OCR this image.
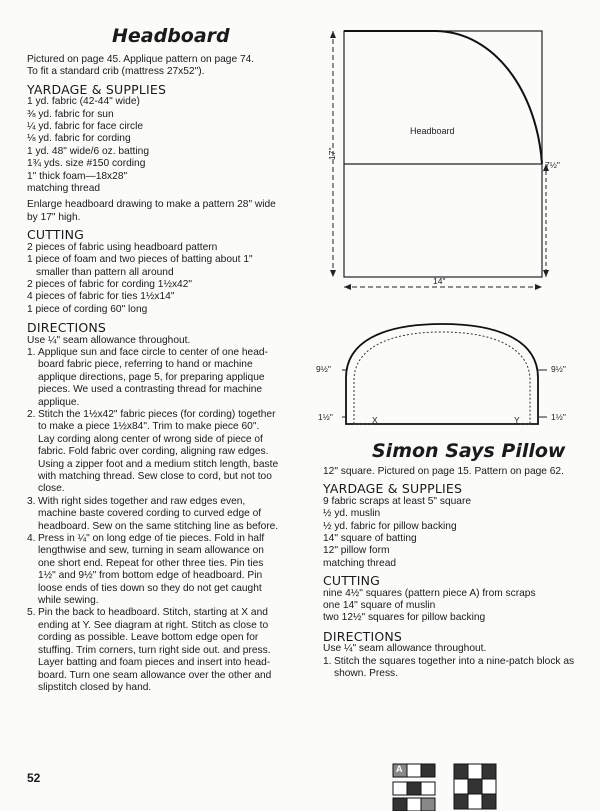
Headboard
Pictured on page 45. Applique pattern on page 74.
To fit a standard crib (mattress 27x52").
YARDAGE & SUPPLIES
1 yd. fabric (42-44" wide)
⅜ yd. fabric for sun
¼ yd. fabric for face circle
⅛ yd. fabric for cording
1 yd. 48" wide/6 oz. batting
1¾ yds. size #150 cording
1" thick foam—18x28"
matching thread
Enlarge headboard drawing to make a pattern 28" wide
by 17" high.
CUTTING
2 pieces of fabric using headboard pattern
1 piece of foam and two pieces of batting about 1"
smaller than pattern all around
2 pieces of fabric for cording 1½x42"
4 pieces of fabric for ties 1½x14"
1 piece of cording 60" long
DIRECTIONS
Use ¼" seam allowance throughout.
1. Applique sun and face circle to center of one head-
board fabric piece, referring to hand or machine
applique directions, page 5, for preparing applique
pieces. We used a contrasting thread for machine
applique.
2. Stitch the 1½x42" fabric pieces (for cording) together
to make a piece 1½x84". Trim to make piece 60".
Lay cording along center of wrong side of piece of
fabric. Fold fabric over cording, aligning raw edges.
Using a zipper foot and a medium stitch length, baste
with matching thread. Sew close to cord, but not too
close.
3. With right sides together and raw edges even,
machine baste covered cording to curved edge of
headboard. Sew on the same stitching line as before.
4. Press in ¼" on long edge of tie pieces. Fold in half
lengthwise and sew, turning in seam allowance on
one short end. Repeat for other three ties. Pin ties
1½" and 9½" from bottom edge of headboard. Pin
loose ends of ties down so they do not get caught
while sewing.
5. Pin the back to headboard. Stitch, starting at X and
ending at Y. See diagram at right. Stitch as close to
cording as possible. Leave bottom edge open for
stuffing. Trim corners, turn right side out. and press.
Layer batting and foam pieces and insert into head-
board. Turn one seam allowance over the other and
slipstitch closed by hand.
Headboard
17"
7½"
14"
9½"	9½"
1½"	1½"
X	Y
Simon Says Pillow
12" square. Pictured on page 15. Pattern on page 62.
YARDAGE & SUPPLIES
9 fabric scraps at least 5" square
½ yd. muslin
½ yd. fabric for pillow backing
14" square of batting
12" pillow form
matching thread
CUTTING
nine 4½" squares (pattern piece A) from scraps
one 14" square of muslin
two 12½" squares for pillow backing
DIRECTIONS
Use ¼" seam allowance throughout.
1. Stitch the squares together into a nine-patch block as
shown. Press.
A
52
